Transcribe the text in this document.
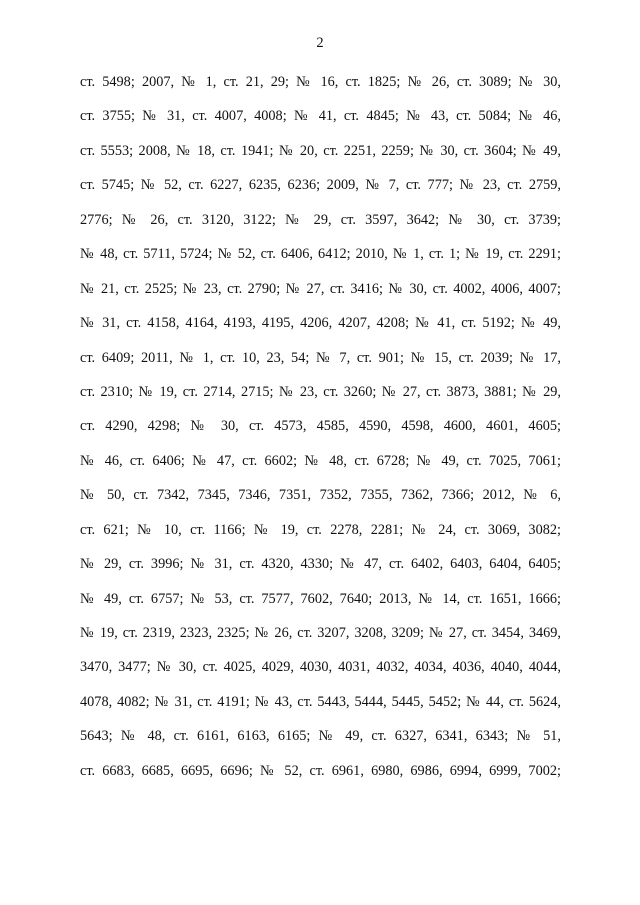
2
ст. 5498; 2007, № 1, ст. 21, 29; № 16, ст. 1825; № 26, ст. 3089; № 30,
ст. 3755; № 31, ст. 4007, 4008; № 41, ст. 4845; № 43, ст. 5084; № 46,
ст. 5553; 2008, № 18, ст. 1941; № 20, ст. 2251, 2259; № 30, ст. 3604; № 49,
ст. 5745; № 52, ст. 6227, 6235, 6236; 2009, № 7, ст. 777; № 23, ст. 2759,
2776; № 26, ст. 3120, 3122; № 29, ст. 3597, 3642; № 30, ст. 3739;
№ 48, ст. 5711, 5724; № 52, ст. 6406, 6412; 2010, № 1, ст. 1; № 19, ст. 2291;
№ 21, ст. 2525; № 23, ст. 2790; № 27, ст. 3416; № 30, ст. 4002, 4006, 4007;
№ 31, ст. 4158, 4164, 4193, 4195, 4206, 4207, 4208; № 41, ст. 5192; № 49,
ст. 6409; 2011, № 1, ст. 10, 23, 54; № 7, ст. 901; № 15, ст. 2039; № 17,
ст. 2310; № 19, ст. 2714, 2715; № 23, ст. 3260; № 27, ст. 3873, 3881; № 29,
ст. 4290, 4298; № 30, ст. 4573, 4585, 4590, 4598, 4600, 4601, 4605;
№ 46, ст. 6406; № 47, ст. 6602; № 48, ст. 6728; № 49, ст. 7025, 7061;
№ 50, ст. 7342, 7345, 7346, 7351, 7352, 7355, 7362, 7366; 2012, № 6,
ст. 621; № 10, ст. 1166; № 19, ст. 2278, 2281; № 24, ст. 3069, 3082;
№ 29, ст. 3996; № 31, ст. 4320, 4330; № 47, ст. 6402, 6403, 6404, 6405;
№ 49, ст. 6757; № 53, ст. 7577, 7602, 7640; 2013, № 14, ст. 1651, 1666;
№ 19, ст. 2319, 2323, 2325; № 26, ст. 3207, 3208, 3209; № 27, ст. 3454, 3469,
3470, 3477; № 30, ст. 4025, 4029, 4030, 4031, 4032, 4034, 4036, 4040, 4044,
4078, 4082; № 31, ст. 4191; № 43, ст. 5443, 5444, 5445, 5452; № 44, ст. 5624,
5643; № 48, ст. 6161, 6163, 6165; № 49, ст. 6327, 6341, 6343; № 51,
ст. 6683, 6685, 6695, 6696; № 52, ст. 6961, 6980, 6986, 6994, 6999, 7002;
